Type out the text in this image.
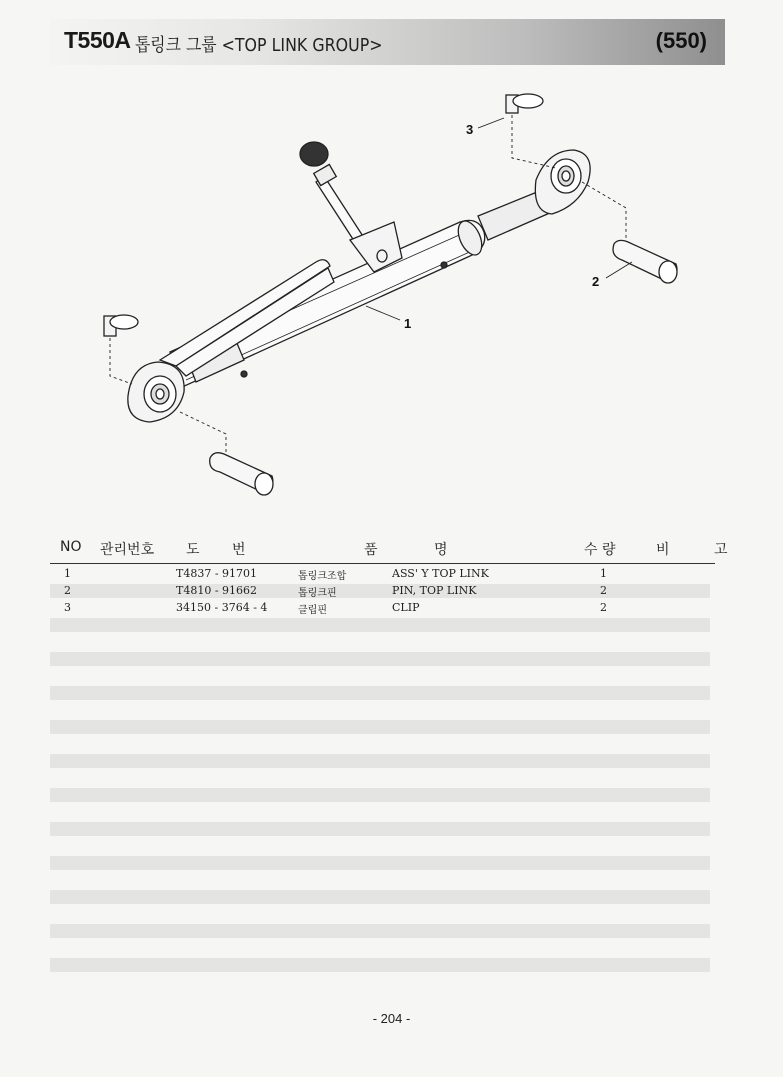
T550A 톱링크 그룹 <TOP LINK GROUP>	(550)
3
2
1
NO 관리번호 도 번	품	명	수 량	비 고
1	T4837 - 91701	톱링크조합	ASS' Y TOP LINK	1
2	T4810 - 91662	톱링크핀	PIN, TOP LINK	2
3	34150 - 3764 - 4	클립핀	CLIP	2
- 204 -
